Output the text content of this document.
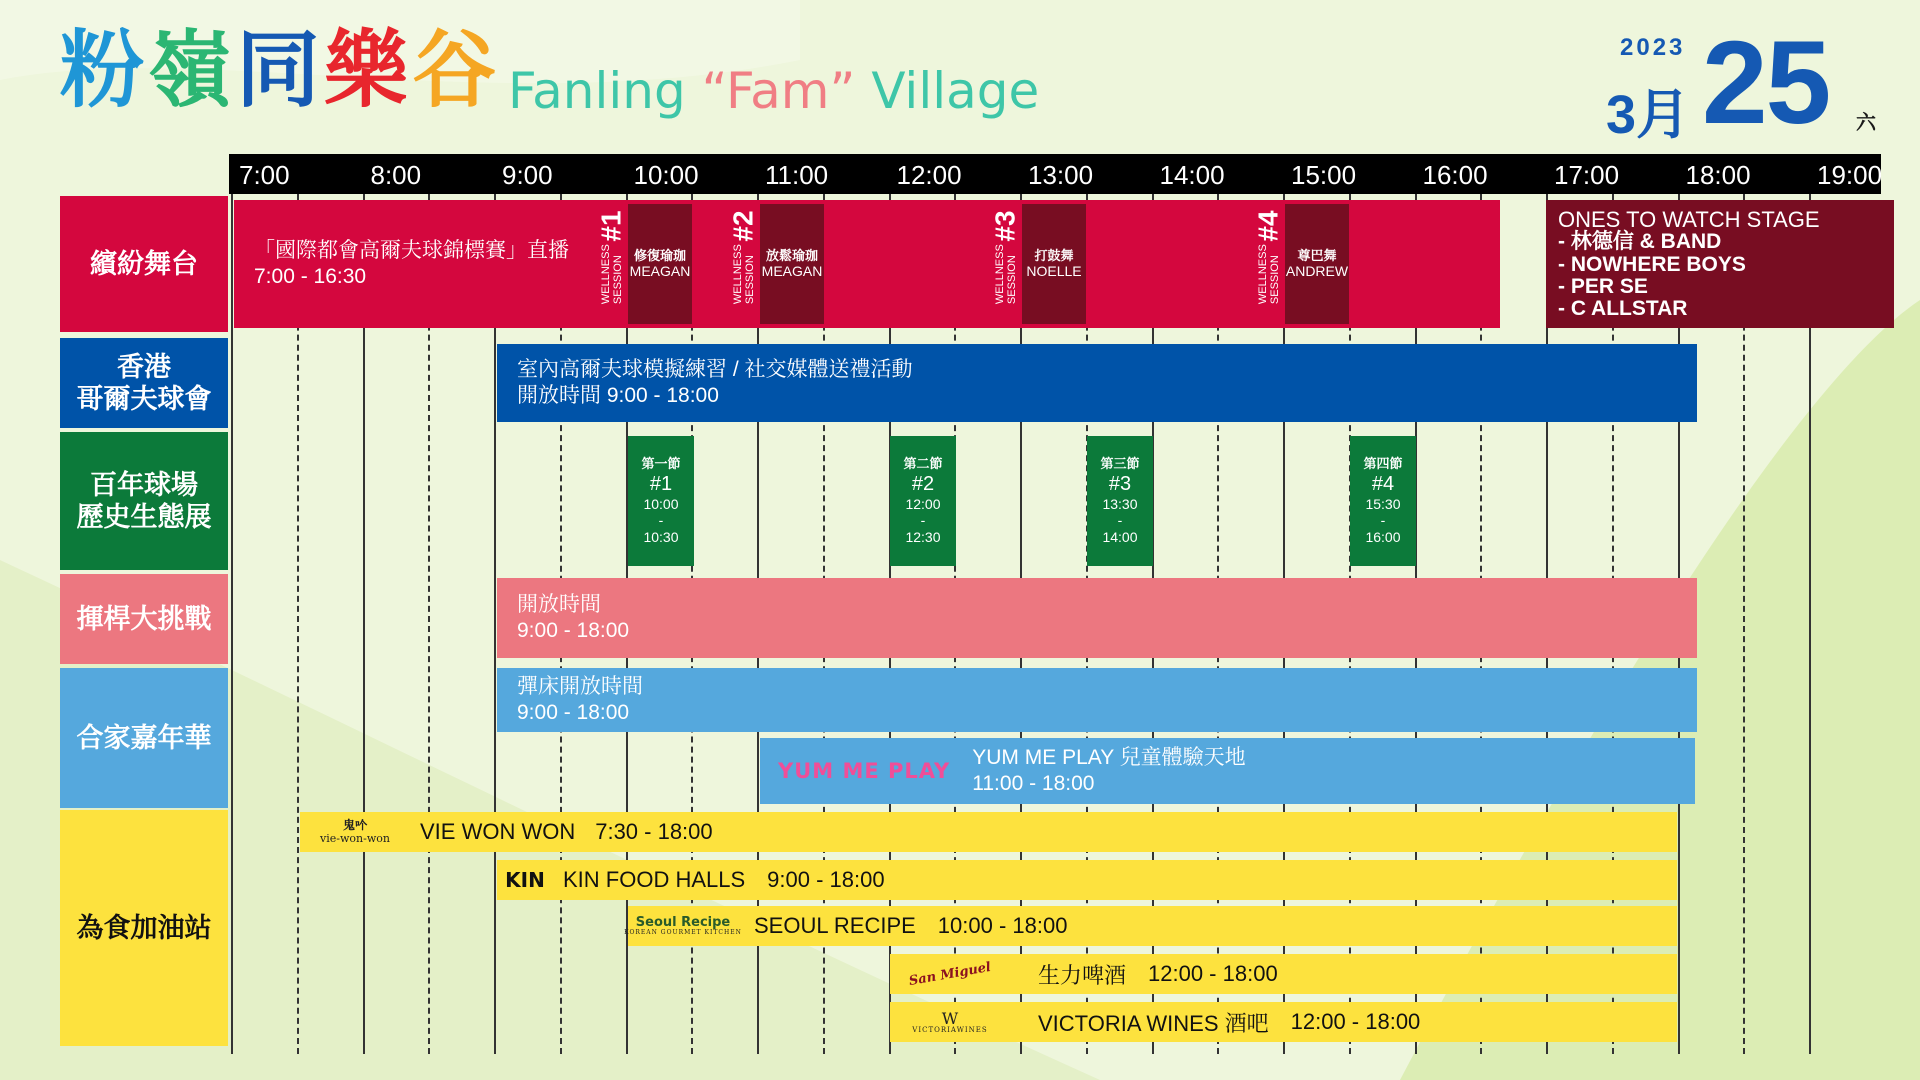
粉嶺同樂谷 Fanling “Fam” Village
2023
3月 25 六
7:00	8:00	9:00	10:00	11:00	12:00	13:00	14:00	15:00	16:00	17:00	18:00	19:00
繽紛舞台
香港
哥爾夫球會
百年球場
歷史生態展
揮桿大挑戰
合家嘉年華
為食加油站
「國際都會高爾夫球錦標賽」直播
7:00 - 16:30
#1
WELLNESS SESSION 修復瑜珈
MEAGAN
#2
WELLNESS SESSION 放鬆瑜珈
MEAGAN
#3
WELLNESS SESSION 打鼓舞
NOELLE
#4
WELLNESS SESSION 尊巴舞
ANDREW
ONES TO WATCH STAGE
- 林德信 & BAND
- NOWHERE BOYS
- PER SE
- C ALLSTAR
室內高爾夫球模擬練習 / 社交媒體送禮活動
開放時間 9:00 - 18:00
第一節
#1
10:00
-
10:30
第二節
#2
12:00
-
12:30
第三節
#3
13:30
-
14:00
第四節
#4
15:30
-
16:00
開放時間
9:00 - 18:00
彈床開放時間
9:00 - 18:00
YUM ME PLAY
YUM ME PLAY 兒童體驗天地
11:00 - 18:00
鬼𠮶
vie-won-won VIE WON WON 7:30 - 18:00
KIN KIN FOOD HALLS 9:00 - 18:00
Seoul Recipe
KOREAN GOURMET KITCHEN SEOUL RECIPE 10:00 - 18:00
San Miguel	生力啤酒 12:00 - 18:00
W
VICTORIAWINES VICTORIA WINES 酒吧 12:00 - 18:00
